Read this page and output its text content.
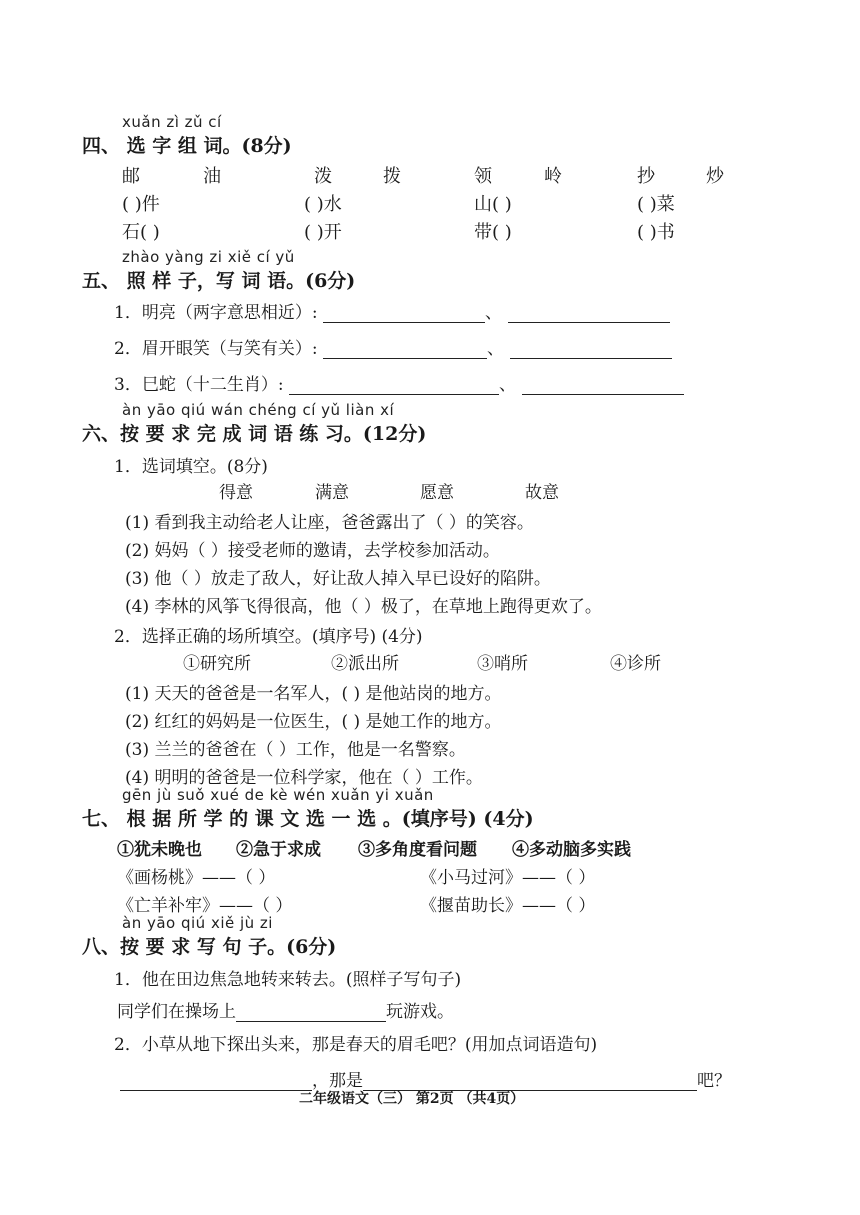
xuǎn zì zǔ cí
四、 选 字 组 词。(8分)
邮	油	泼	拨	领	岭	抄	炒
( )件	( )水	山( )	( )菜
石( )	( )开	带( )	( )书
zhào yàng zi xiě cí yǔ
五、 照 样 子，写 词 语。(6分)
1．明亮（两字意思相近）:	、
2．眉开眼笑（与笑有关）:	、
3．巳蛇（十二生肖）:	、
àn yāo qiú wán chéng cí yǔ liàn xí
六、按 要 求 完 成 词 语 练 习。(12分)
1．选词填空。(8分)
得意	满意	愿意	故意
(1) 看到我主动给老人让座，爸爸露出了（ ）的笑容。
(2) 妈妈（ ）接受老师的邀请，去学校参加活动。
(3) 他（ ）放走了敌人，好让敌人掉入早已设好的陷阱。
(4) 李林的风筝飞得很高，他（ ）极了，在草地上跑得更欢了。
2．选择正确的场所填空。(填序号) (4分)
①研究所	②派出所	③哨所	④诊所
(1) 天天的爸爸是一名军人，( ) 是他站岗的地方。
(2) 红红的妈妈是一位医生，( ) 是她工作的地方。
(3) 兰兰的爸爸在（ ）工作，他是一名警察。
(4) 明明的爸爸是一位科学家，他在（ ）工作。
gēn jù suǒ xué de kè wén xuǎn yi xuǎn
七、 根 据 所 学 的 课 文 选 一 选 。(填序号) (4分)
①犹未晚也 ②急于求成 ③多角度看问题 ④多动脑多实践
《画杨桃》——（ ）	《小马过河》——（ ）
《亡羊补牢》——（ ）	《揠苗助长》——（ ）
àn yāo qiú xiě jù zi
八、按 要 求 写 句 子。(6分)
1．他在田边焦急地转来转去。(照样子写句子)
同学们在操场上	玩游戏。
2．小草从地下探出头来，那是春天的眉毛吧？(用加点词语造句)
，那是	吧？
二年级语文（三） 第2页 （共4页）
